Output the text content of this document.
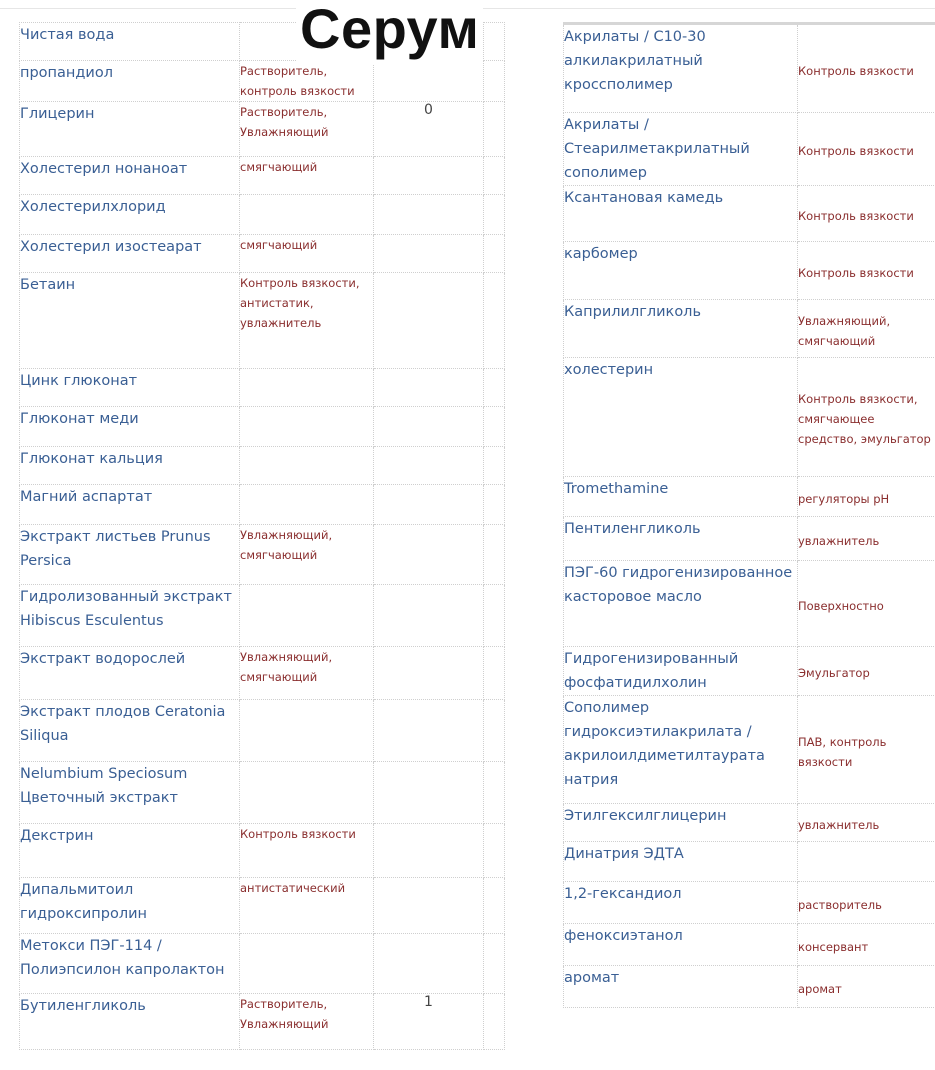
Чистая вода			
пропандиол	Растворитель, контроль вязкости		
Глицерин	Растворитель, Увлажняющий	0	
Холестерил нонаноат	смягчающий		
Холестерилхлорид			
Холестерил изостеарат	смягчающий		
Бетаин	Контроль вязкости, антистатик, увлажнитель		
Цинк глюконат			
Глюконат меди			
Глюконат кальция			
Магний аспартат			
Экстракт листьев Prunus Persica	Увлажняющий, смягчающий		
Гидролизованный экстракт Hibiscus Esculentus			
Экстракт водорослей	Увлажняющий, смягчающий		
Экстракт плодов Ceratonia Siliqua			
Nelumbium Speciosum Цветочный экстракт			
Декстрин	Контроль вязкости		
Дипальмитоил гидроксипролин	антистатический		
Метокси ПЭГ-114 / Полиэпсилон капролактон			
Бутиленгликоль	Растворитель, Увлажняющий	1	
Акрилаты / C10-30 алкилакрилатный кроссполимер	Контроль вязкости
Акрилаты / Стеарилметакрилатный сополимер	Контроль вязкости
Ксантановая камедь	Контроль вязкости
карбомер	Контроль вязкости
Каприлилгликоль	Увлажняющий, смягчающий
холестерин	Контроль вязкости, смягчающее средство, эмульгатор
Tromethamine	регуляторы pH
Пентиленгликоль	увлажнитель
ПЭГ-60 гидрогенизированное касторовое масло	Поверхностно
Гидрогенизированный фосфатидилхолин	Эмульгатор
Сополимер гидроксиэтилакрилата / акрилоилдиметилтаурата натрия	ПАВ, контроль вязкости
Этилгексилглицерин	увлажнитель
Динатрия ЭДТА	
1,2-гександиол	растворитель
феноксиэтанол	консервант
аромат	аромат
Серум
